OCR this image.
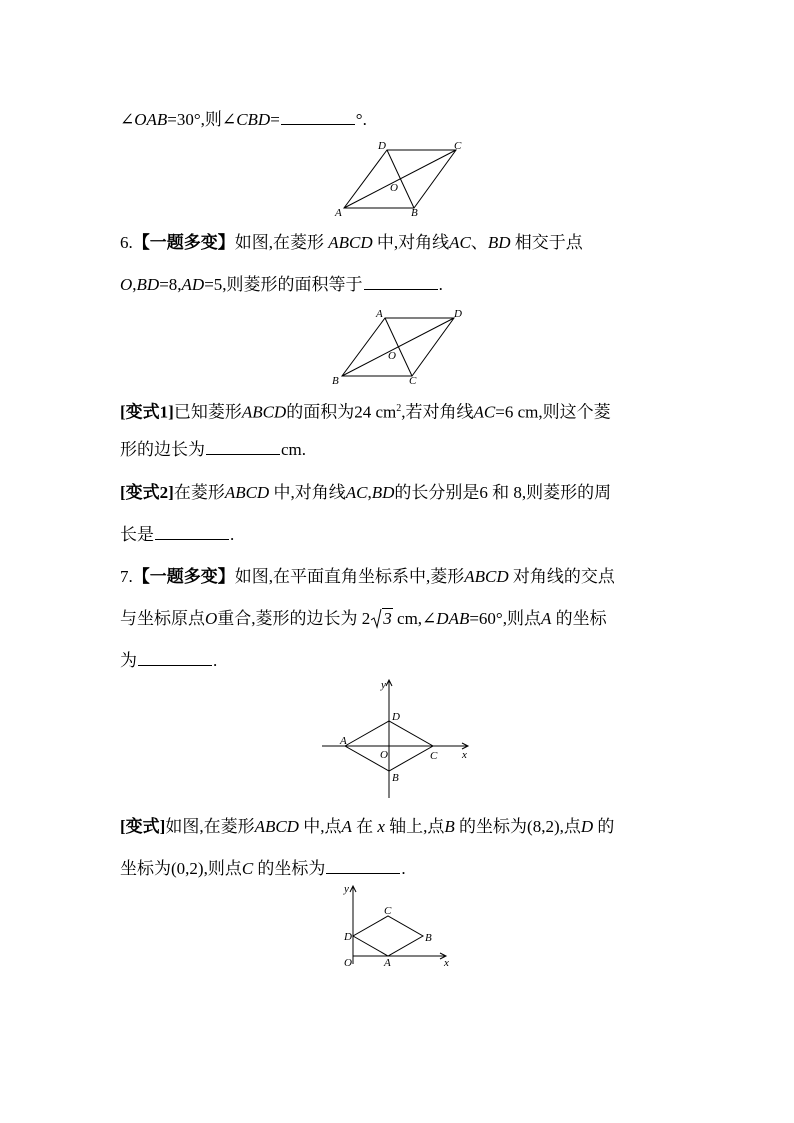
∠OAB=30°,则∠CBD=	°.
A	B
C
D
O
6.【一题多变】如图,在菱形 ABCD 中,对角线AC、BD 相交于点
O,BD=8,AD=5,则菱形的面积等于	.
A
B	C
D
O
[变式1]已知菱形ABCD的面积为24 $cm^2$,若对角线AC=6 cm,则这个菱
形的边长为	cm.
[变式2]在菱形ABCD 中,对角线AC,BD的长分别是6 和 8,则菱形的周
长是	.
7.【一题多变】如图,在平面直角坐标系中,菱形ABCD 对角线的交点
与坐标原点O重合,菱形的边长为 2 3 cm,∠DAB=60°,则点A 的坐标
为	.
A
B
C
D
O	x
y
[变式]如图,在菱形ABCD 中,点A 在 x 轴上,点B 的坐标为(8,2),点D 的
坐标为(0,2),则点C 的坐标为	.
D
A
B
C
O	x
y
